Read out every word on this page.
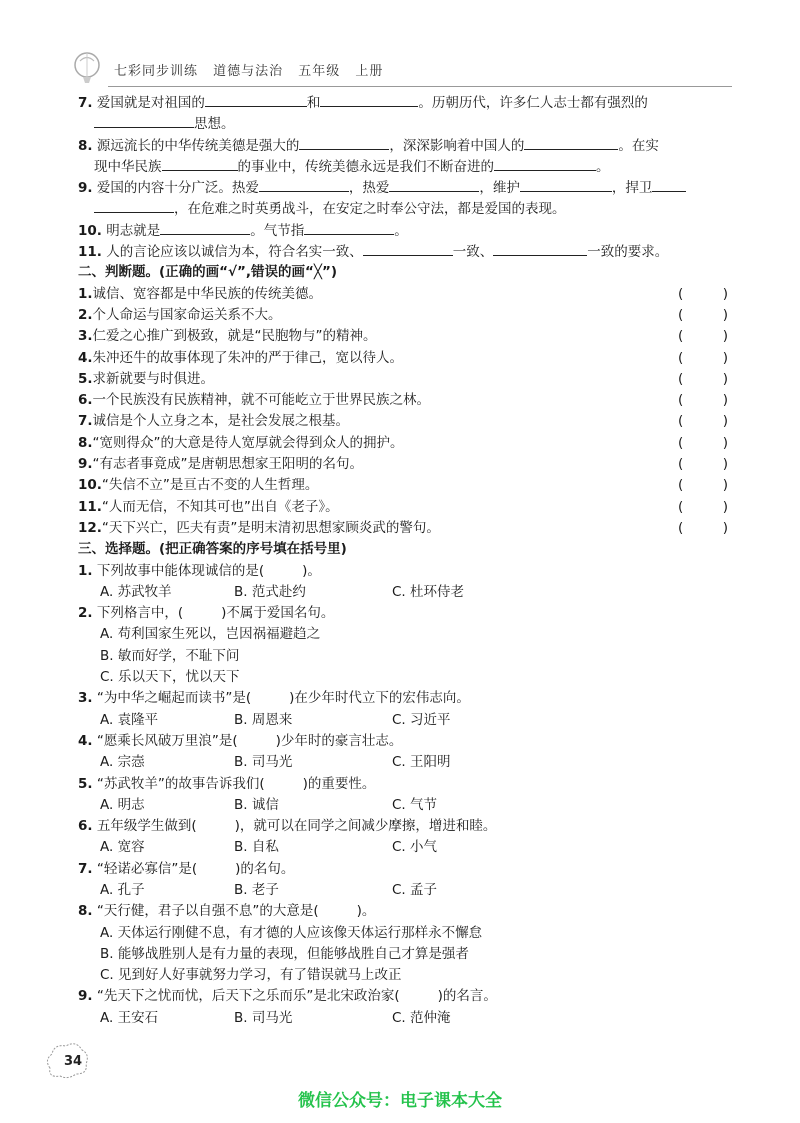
七彩同步训练 道德与法治 五年级 上册
7. 爱国就是对祖国的	和	。历朝历代，许多仁人志士都有强烈的
思想。
8. 源远流长的中华传统美德是强大的	，深深影响着中国人的	。在实
现中华民族	的事业中，传统美德永远是我们不断奋进的	。
9. 爱国的内容十分广泛。热爱	，热爱	，维护	，捍卫
，在危难之时英勇战斗，在安定之时奉公守法，都是爱国的表现。
10. 明志就是	。气节指	。
11. 人的言论应该以诚信为本，符合名实一致、	一致、	一致的要求。
二、判断题。(正确的画“√”,错误的画“╳”)
1.诚信、宽容都是中华民族的传统美德。	(	)
2.个人命运与国家命运关系不大。	(	)
3.仁爱之心推广到极致，就是“民胞物与”的精神。	(	)
4.朱冲还牛的故事体现了朱冲的严于律己，宽以待人。	(	)
5.求新就要与时俱进。	(	)
6.一个民族没有民族精神，就不可能屹立于世界民族之林。	(	)
7.诚信是个人立身之本，是社会发展之根基。	(	)
8.“宽则得众”的大意是待人宽厚就会得到众人的拥护。	(	)
9.“有志者事竟成”是唐朝思想家王阳明的名句。	(	)
10.“失信不立”是亘古不变的人生哲理。	(	)
11.“人而无信，不知其可也”出自《老子》。	(	)
12.“天下兴亡，匹夫有责”是明末清初思想家顾炎武的警句。	(	)
三、选择题。(把正确答案的序号填在括号里)
1. 下列故事中能体现诚信的是(	)。
A. 苏武牧羊	B. 范式赴约	C. 杜环侍老
2. 下列格言中，(	)不属于爱国名句。
A. 苟利国家生死以，岂因祸福避趋之
B. 敏而好学，不耻下问
C. 乐以天下，忧以天下
3. “为中华之崛起而读书”是(	)在少年时代立下的宏伟志向。
A. 袁隆平	B. 周恩来	C. 习近平
4. “愿乘长风破万里浪”是(	)少年时的豪言壮志。
A. 宗悫	B. 司马光	C. 王阳明
5. “苏武牧羊”的故事告诉我们(	)的重要性。
A. 明志	B. 诚信	C. 气节
6. 五年级学生做到(	)，就可以在同学之间减少摩擦，增进和睦。
A. 宽容	B. 自私	C. 小气
7. “轻诺必寡信”是(	)的名句。
A. 孔子	B. 老子	C. 孟子
8. “天行健，君子以自强不息”的大意是(	)。
A. 天体运行刚健不息，有才德的人应该像天体运行那样永不懈怠
B. 能够战胜别人是有力量的表现，但能够战胜自己才算是强者
C. 见到好人好事就努力学习，有了错误就马上改正
9. “先天下之忧而忧，后天下之乐而乐”是北宋政治家(	)的名言。
A. 王安石	B. 司马光	C. 范仲淹
34
微信公众号：电子课本大全
